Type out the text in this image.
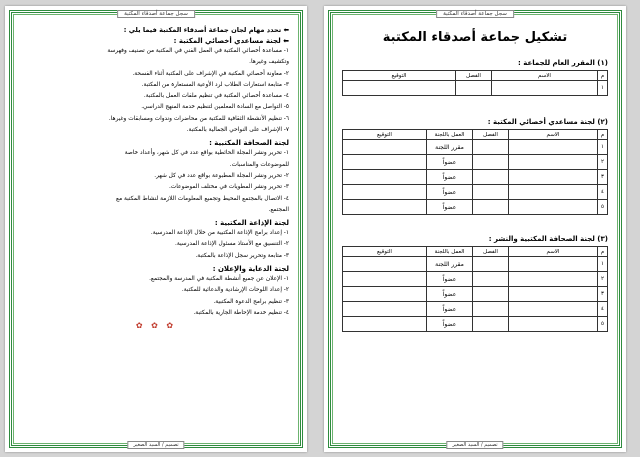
سجل جماعة أصدقاء المكتبة

⬅ تحدد مهام لجان جماعة أصدقاء المكتبة فيما يلي :

⬅ لجنة مساعدي أخصائي المكتبة :

١- مساعدة أخصائي المكتبة في العمل الفني في المكتبة من تصنيف وفهرسة

وتكشيف وغيرها.

٢- معاونة أخصائي المكتبة في الإشراف على المكتبة أثناء الفسحة.

٣- متابعة استعارات الطلاب لرد الأوعية المستعارة من المكتبة.

٤- مساعدة أخصائي المكتبة في تنظيم ملفات العمل بالمكتبة.

٥- التواصل مع السادة المعلمين لتنظيم خدمة المنهج الدراسي.

٦- تنظيم الأنشطة الثقافية للمكتبة من محاضرات وندوات ومسابقات وغيرها.

٧- الإشراف على النواحي الجمالية بالمكتبة.

لجنة الصحافة المكتبية :

١- تحرير ونشر المجلة الحائطية بواقع عدد في كل شهر، وأعداد خاصة

للموضوعات والمناسبات.

٢- تحرير ونشر المجلة المطبوعة بواقع عدد في كل شهر.

٣- تحرير ونشر المطويات في مختلف الموضوعات.

٤- الاتصال بالمجتمع المحيط وتجميع المعلومات اللازمة لنشاط المكتبة مع

المجتمع.

لجنة الإذاعة المكتبية :

١- إعداد برامج الإذاعة المكتبية من خلال الإذاعة المدرسية.

٢- التنسيق مع الأستاذ مسئول الإذاعة المدرسية.

٣- متابعة وتحرير سجل الإذاعة بالمكتبة.

لجنة الدعاية والإعلان :

١- الإعلان عن جميع أنشطة المكتبة في المدرسة والمجتمع.

٢- إعداد اللوحات الإرشادية والدعائية للمكتبة.

٣- تنظيم برامج الدعوة المكتبية.

٤- تنظيم خدمة الإحاطة الجارية بالمكتبة.

✿ ✿ ✿
تصميم / السيد الصغير
سجل جماعة أصدقاء المكتبة
تشكيل جماعة أصدقاء المكتبة

(١) المقرر العام للجماعة :

م	الاسم	الفصل	التوقيع
١			

(٢) لجنة مساعدي أخصائي المكتبة :

م	الاسم	الفصل	العمل باللجنة	التوقيع
١			مقرر اللجنة	
٢			عضواً	
٣			عضواً	
٤			عضواً	
٥			عضواً	

(٣) لجنة الصحافة المكتبية والنشر :

م	الاسم	الفصل	العمل باللجنة	التوقيع
١			مقرر اللجنة	
٢			عضواً	
٣			عضواً	
٤			عضواً	
٥			عضواً	
تصميم / السيد الصغير
